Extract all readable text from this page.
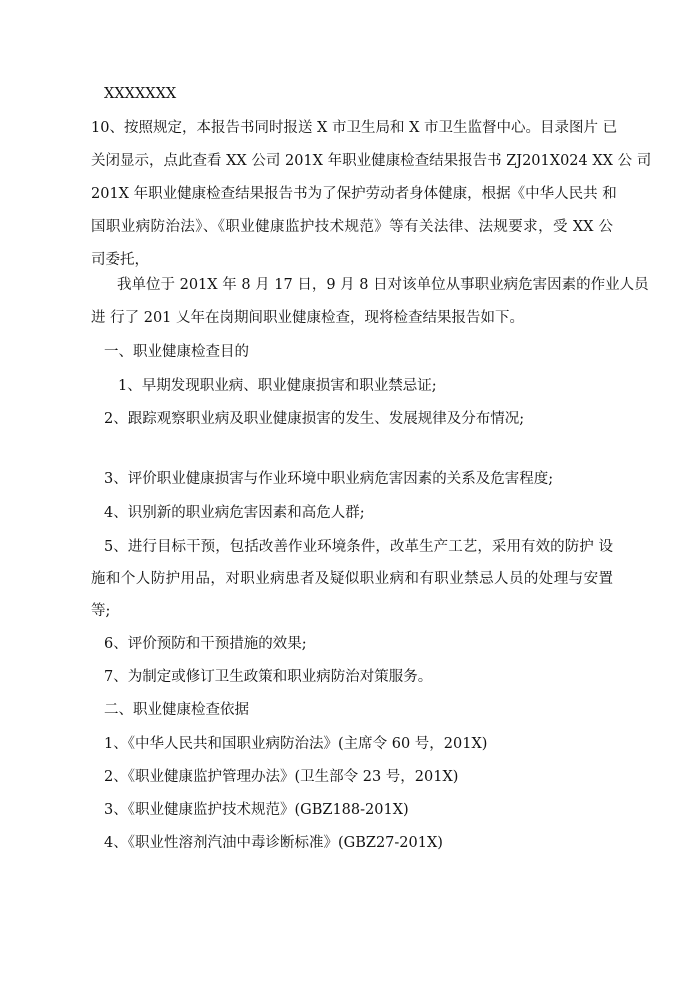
XXXXXXX
10、按照规定，本报告书同时报送 X 市卫生局和 X 市卫生监督中心。目录图片 已
关闭显示，点此查看 XX 公司 201X 年职业健康检查结果报告书 ZJ201X024 XX 公 司
201X 年职业健康检查结果报告书为了保护劳动者身体健康，根据《中华人民共 和
国职业病防治法》、《职业健康监护技术规范》等有关法律、法规要求，受 XX 公
司委托，
我单位于 201X 年 8 月 17 日，9 月 8 日对该单位从事职业病危害因素的作业人员
进 行了 201 乂年在岗期间职业健康检查，现将检查结果报告如下。
一、职业健康检查目的
1、早期发现职业病、职业健康损害和职业禁忌证;
2、跟踪观察职业病及职业健康损害的发生、发展规律及分布情况;
3、评价职业健康损害与作业环境中职业病危害因素的关系及危害程度;
4、识别新的职业病危害因素和高危人群;
5、进行目标干预，包括改善作业环境条件，改革生产工艺，采用有效的防护 设
施和个人防护用品，对职业病患者及疑似职业病和有职业禁忌人员的处理与安置
等;
6、评价预防和干预措施的效果;
7、为制定或修订卫生政策和职业病防治对策服务。
二、职业健康检查依据
1、《中华人民共和国职业病防治法》(主席令 60 号，201X)
2、《职业健康监护管理办法》(卫生部令 23 号，201X)
3、《职业健康监护技术规范》(GBZ188-201X)
4、《职业性溶剂汽油中毒诊断标准》(GBZ27-201X)
